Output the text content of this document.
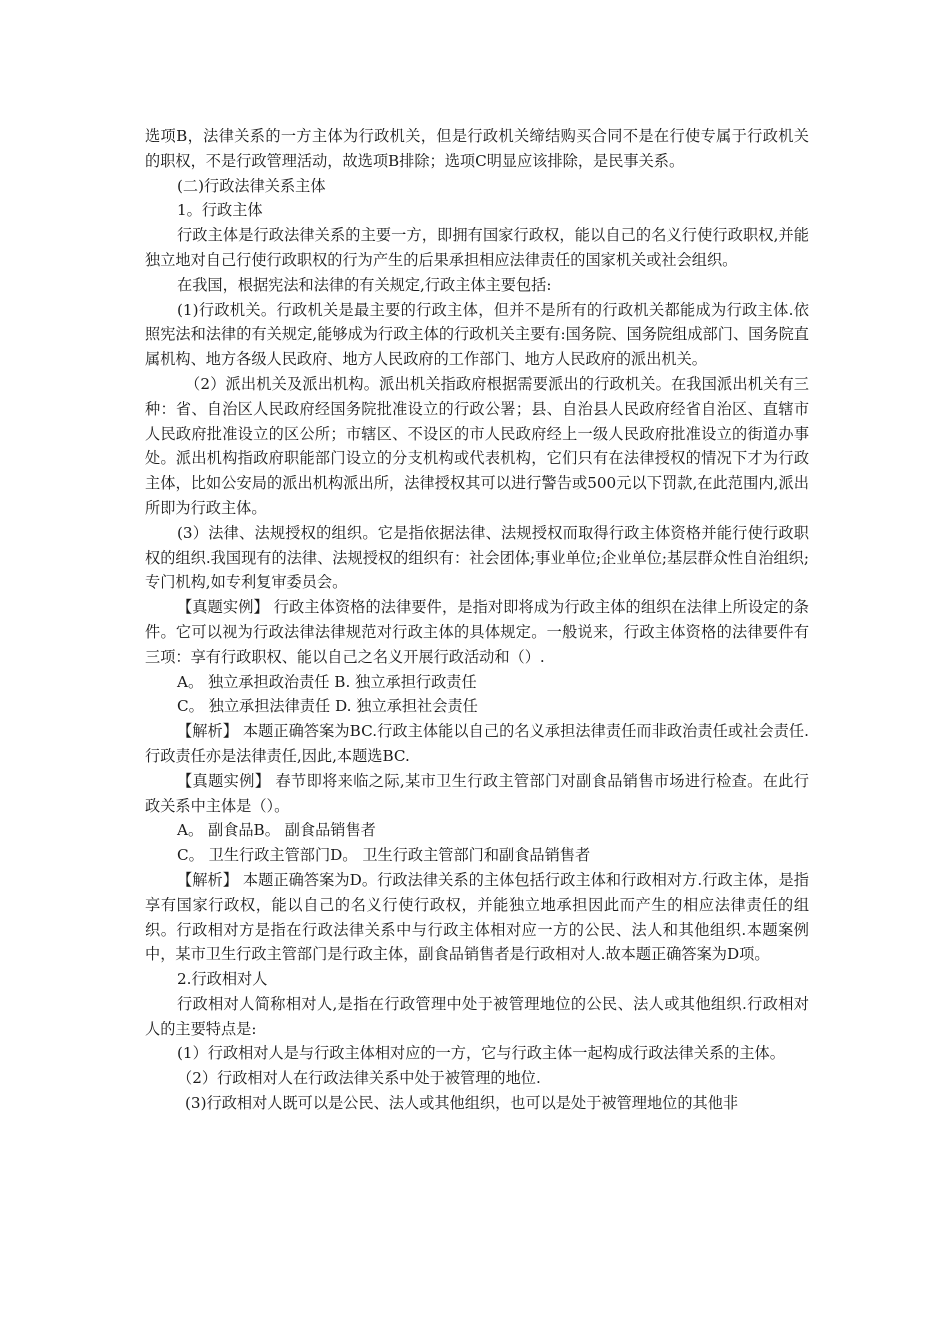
选项B，法律关系的一方主体为行政机关，但是行政机关缔结购买合同不是在行使专属于行政机关的职权，不是行政管理活动，故选项B排除；选项C明显应该排除，是民事关系。

(二)行政法律关系主体

1。行政主体

行政主体是行政法律关系的主要一方，即拥有国家行政权，能以自己的名义行使行政职权,并能独立地对自己行使行政职权的行为产生的后果承担相应法律责任的国家机关或社会组织。

在我国，根据宪法和法律的有关规定,行政主体主要包括:

(1)行政机关。行政机关是最主要的行政主体，但并不是所有的行政机关都能成为行政主体.依照宪法和法律的有关规定,能够成为行政主体的行政机关主要有:国务院、国务院组成部门、国务院直属机构、地方各级人民政府、地方人民政府的工作部门、地方人民政府的派出机关。

（2）派出机关及派出机构。派出机关指政府根据需要派出的行政机关。在我国派出机关有三种：省、自治区人民政府经国务院批准设立的行政公署；县、自治县人民政府经省自治区、直辖市人民政府批准设立的区公所；市辖区、不设区的市人民政府经上一级人民政府批准设立的街道办事处。派出机构指政府职能部门设立的分支机构或代表机构，它们只有在法律授权的情况下才为行政主体，比如公安局的派出机构派出所，法律授权其可以进行警告或500元以下罚款,在此范围内,派出所即为行政主体。

(3）法律、法规授权的组织。它是指依据法律、法规授权而取得行政主体资格并能行使行政职权的组织.我国现有的法律、法规授权的组织有：社会团体;事业单位;企业单位;基层群众性自治组织;专门机构,如专利复审委员会。

【真题实例】 行政主体资格的法律要件，是指对即将成为行政主体的组织在法律上所设定的条件。它可以视为行政法律法律规范对行政主体的具体规定。一般说来，行政主体资格的法律要件有三项：享有行政职权、能以自己之名义开展行政活动和（）.

A。 独立承担政治责任 B. 独立承担行政责任

C。 独立承担法律责任 D. 独立承担社会责任

【解析】 本题正确答案为BC.行政主体能以自己的名义承担法律责任而非政治责任或社会责任.行政责任亦是法律责任,因此,本题选BC.

【真题实例】 春节即将来临之际,某市卫生行政主管部门对副食品销售市场进行检查。在此行政关系中主体是（）。

A。 副食品B。 副食品销售者

C。 卫生行政主管部门D。 卫生行政主管部门和副食品销售者

【解析】 本题正确答案为D。行政法律关系的主体包括行政主体和行政相对方.行政主体，是指享有国家行政权，能以自己的名义行使行政权，并能独立地承担因此而产生的相应法律责任的组织。行政相对方是指在行政法律关系中与行政主体相对应一方的公民、法人和其他组织.本题案例中，某市卫生行政主管部门是行政主体，副食品销售者是行政相对人.故本题正确答案为D项。

2.行政相对人

行政相对人简称相对人,是指在行政管理中处于被管理地位的公民、法人或其他组织.行政相对人的主要特点是:

(1）行政相对人是与行政主体相对应的一方，它与行政主体一起构成行政法律关系的主体。

（2）行政相对人在行政法律关系中处于被管理的地位.

(3)行政相对人既可以是公民、法人或其他组织，也可以是处于被管理地位的其他非
